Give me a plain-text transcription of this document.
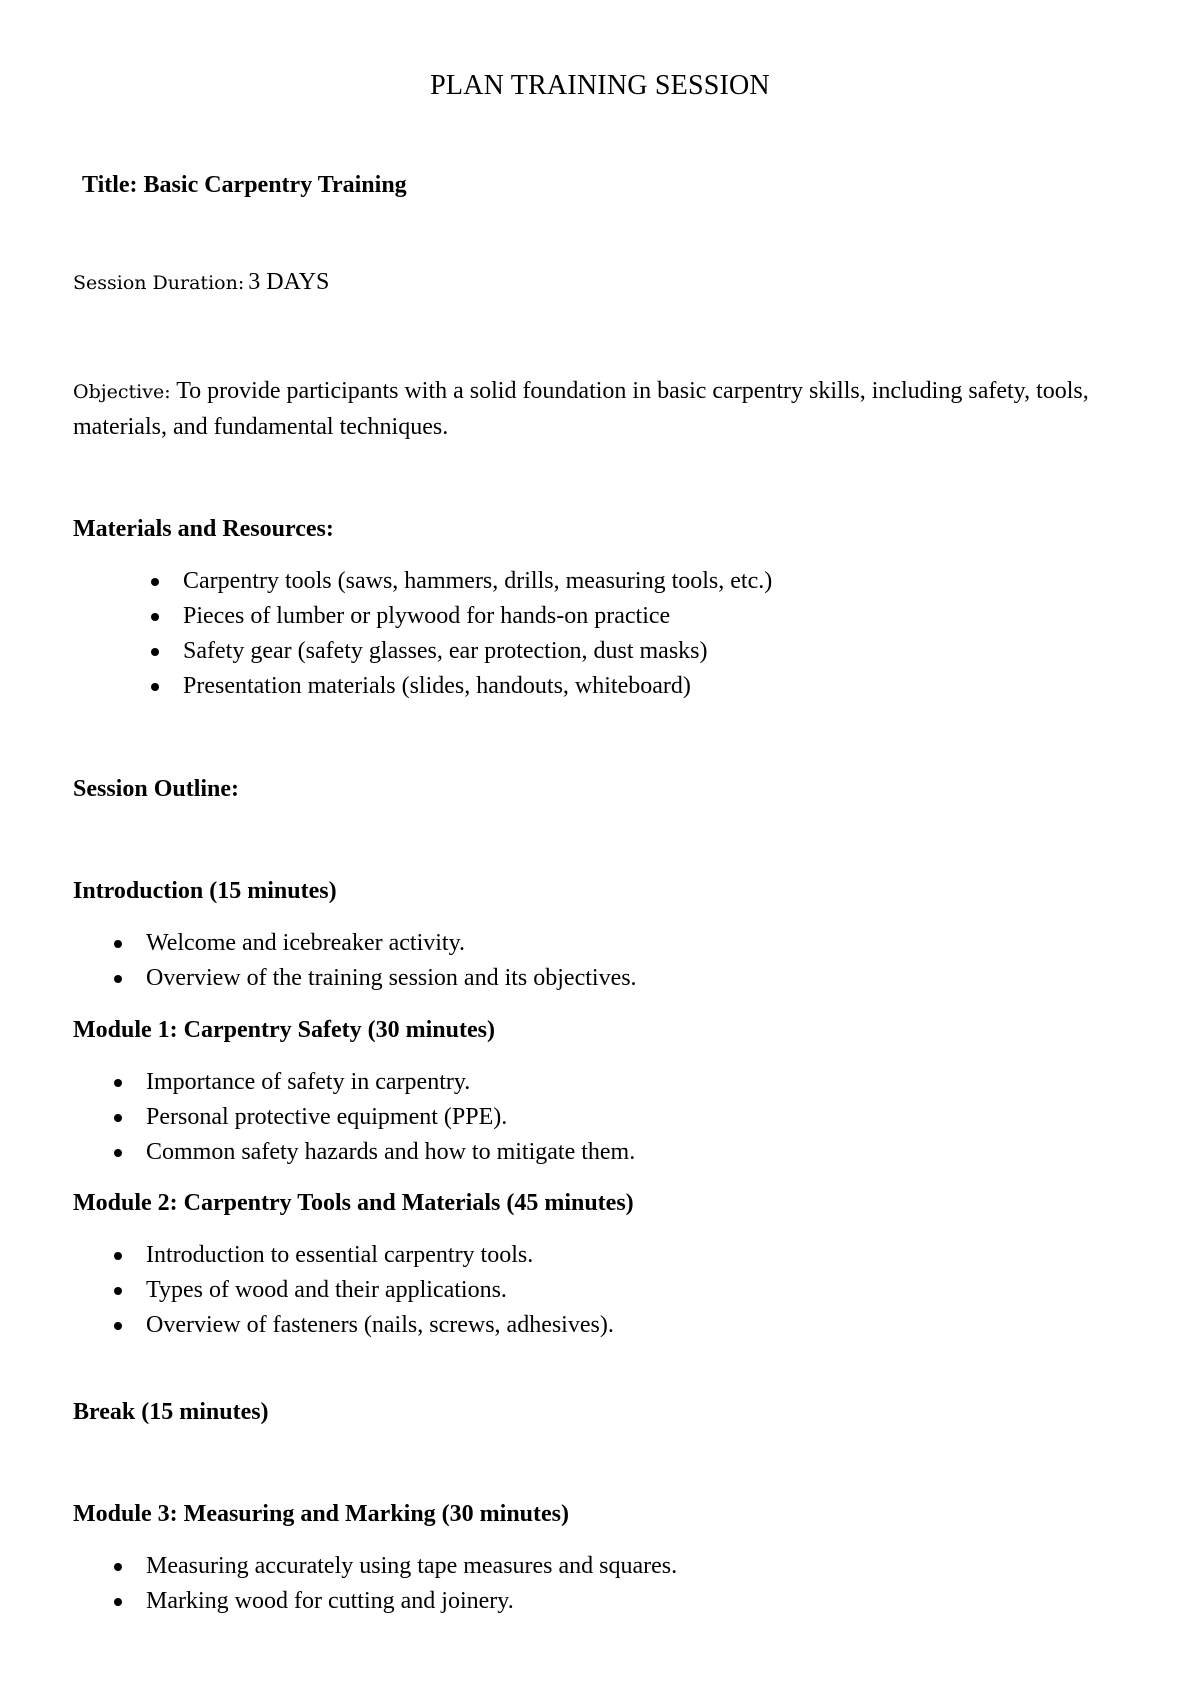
PLAN TRAINING SESSION
Title: Basic Carpentry Training
Session Duration: 3 DAYS
Objective: To provide participants with a solid foundation in basic carpentry skills, including safety, tools, materials, and fundamental techniques.
Materials and Resources:
Carpentry tools (saws, hammers, drills, measuring tools, etc.)
Pieces of lumber or plywood for hands-on practice
Safety gear (safety glasses, ear protection, dust masks)
Presentation materials (slides, handouts, whiteboard)
Session Outline:
Introduction (15 minutes)
Welcome and icebreaker activity.
Overview of the training session and its objectives.
Module 1: Carpentry Safety (30 minutes)
Importance of safety in carpentry.
Personal protective equipment (PPE).
Common safety hazards and how to mitigate them.
Module 2: Carpentry Tools and Materials (45 minutes)
Introduction to essential carpentry tools.
Types of wood and their applications.
Overview of fasteners (nails, screws, adhesives).
Break (15 minutes)
Module 3: Measuring and Marking (30 minutes)
Measuring accurately using tape measures and squares.
Marking wood for cutting and joinery.
